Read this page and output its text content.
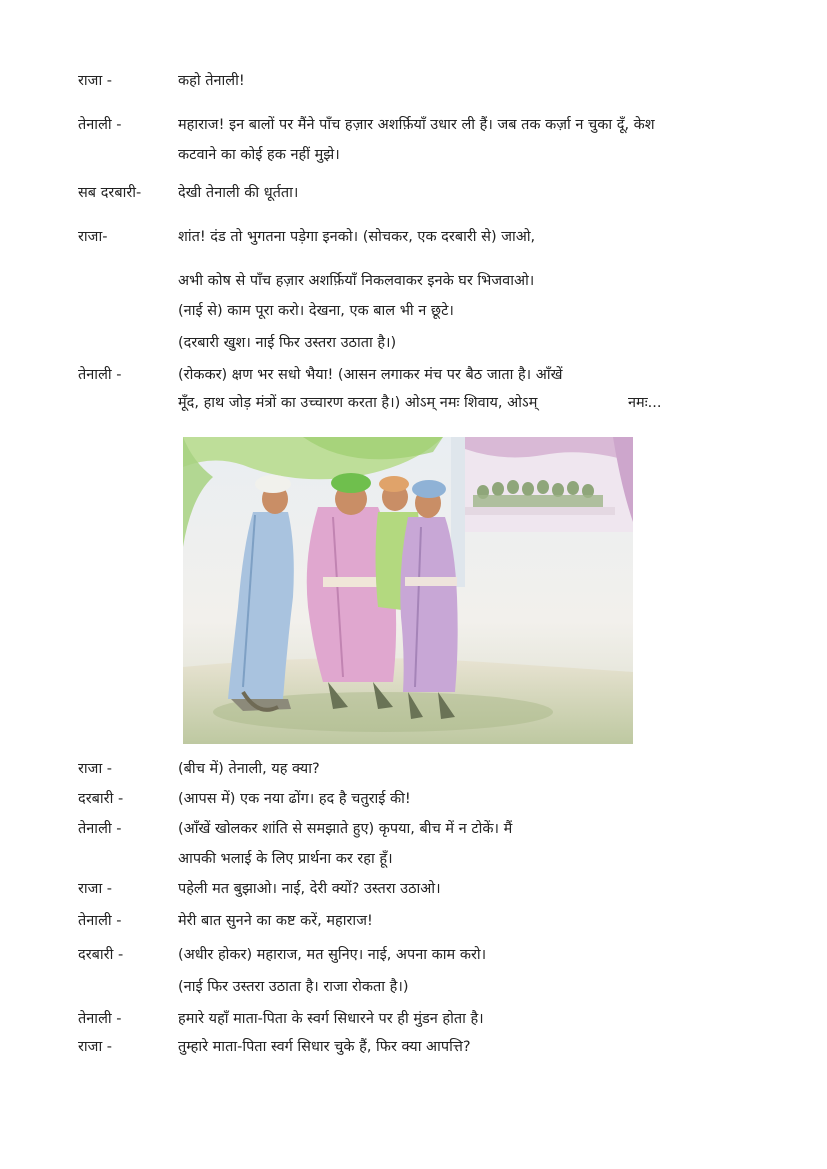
राजा -	कहो तेनाली!
तेनाली -	महाराज! इन बालों पर मैंने पाँच हज़ार अशर्फ़ियाँ उधार ली हैं। जब तक कर्ज़ा न चुका दूँ, केश
कटवाने का कोई हक नहीं मुझे।
सब दरबारी-	देखी तेनाली की धूर्तता।
राजा-	शांत! दंड तो भुगतना पड़ेगा इनको। (सोचकर, एक दरबारी से) जाओ,
अभी कोष से पाँच हज़ार अशर्फ़ियाँ निकलवाकर इनके घर भिजवाओ।
(नाई से) काम पूरा करो। देखना, एक बाल भी न छूटे।
(दरबारी खुश। नाई फिर उस्तरा उठाता है।)
तेनाली -	(रोककर) क्षण भर सधो भैया! (आसन लगाकर मंच पर बैठ जाता है। आँखें
मूँद, हाथ जोड़ मंत्रों का उच्चारण करता है।) ओऽम् नमः शिवाय, ओऽम्	नमः...
राजा -	(बीच में) तेनाली, यह क्या?
दरबारी -	(आपस में) एक नया ढोंग। हद है चतुराई की!
तेनाली -	(आँखें खोलकर शांति से समझाते हुए) कृपया, बीच में न टोकें। मैं
आपकी भलाई के लिए प्रार्थना कर रहा हूँ।
राजा -	पहेली मत बुझाओ। नाई, देरी क्यों? उस्तरा उठाओ।
तेनाली -	मेरी बात सुनने का कष्ट करें, महाराज!
दरबारी -	(अधीर होकर) महाराज, मत सुनिए। नाई, अपना काम करो।
(नाई फिर उस्तरा उठाता है। राजा रोकता है।)
तेनाली -	हमारे यहाँ माता-पिता के स्वर्ग सिधारने पर ही मुंडन होता है।
राजा -	तुम्हारे माता-पिता स्वर्ग सिधार चुके हैं, फिर क्या आपत्ति?
